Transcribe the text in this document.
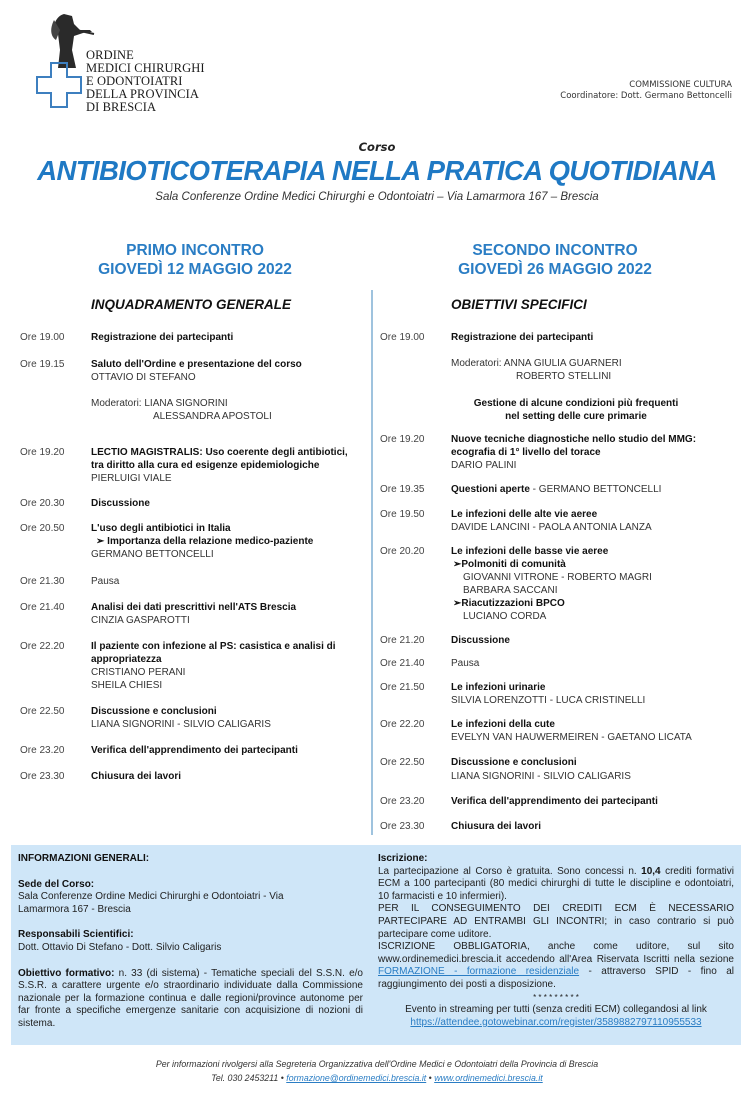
ORDINE
MEDICI CHIRURGHI
E ODONTOIATRI
DELLA PROVINCIA
DI BRESCIA
COMMISSIONE CULTURA
Coordinatore: Dott. Germano Bettoncelli
Corso
ANTIBIOTICOTERAPIA NELLA PRATICA QUOTIDIANA
Sala Conferenze Ordine Medici Chirurghi e Odontoiatri – Via Lamarmora 167 – Brescia
PRIMO INCONTRO
GIOVEDÌ 12 MAGGIO 2022
SECONDO INCONTRO
GIOVEDÌ 26 MAGGIO 2022
INQUADRAMENTO GENERALE	OBIETTIVI SPECIFICI
Ore 19.00	Registrazione dei partecipanti
Ore 19.15	Saluto dell'Ordine e presentazione del corso
OTTAVIO DI STEFANO
Moderatori: LIANA SIGNORINI
ALESSANDRA APOSTOLI
Ore 19.20	LECTIO MAGISTRALIS: Uso coerente degli antibiotici,
tra diritto alla cura ed esigenze epidemiologiche
PIERLUIGI VIALE
Ore 20.30	Discussione
Ore 20.50	L'uso degli antibiotici in Italia
➢ Importanza della relazione medico-paziente
GERMANO BETTONCELLI
Ore 21.30	Pausa
Ore 21.40	Analisi dei dati prescrittivi nell'ATS Brescia
CINZIA GASPAROTTI
Ore 22.20	Il paziente con infezione al PS: casistica e analisi di
appropriatezza
CRISTIANO PERANI
SHEILA CHIESI
Ore 22.50	Discussione e conclusioni
LIANA SIGNORINI - SILVIO CALIGARIS
Ore 23.20	Verifica dell'apprendimento dei partecipanti
Ore 23.30	Chiusura dei lavori
Ore 19.00	Registrazione dei partecipanti
Moderatori: ANNA GIULIA GUARNERI
ROBERTO STELLINI
Gestione di alcune condizioni più frequenti
nel setting delle cure primarie
Ore 19.20	Nuove tecniche diagnostiche nello studio del MMG:
ecografia di 1° livello del torace
DARIO PALINI
Ore 19.35	Questioni aperte - GERMANO BETTONCELLI
Ore 19.50	Le infezioni delle alte vie aeree
DAVIDE LANCINI - PAOLA ANTONIA LANZA
Ore 20.20	Le infezioni delle basse vie aeree
➢Polmoniti di comunità
GIOVANNI VITRONE - ROBERTO MAGRI
BARBARA SACCANI
➢Riacutizzazioni BPCO
LUCIANO CORDA
Ore 21.20	Discussione
Ore 21.40	Pausa
Ore 21.50	Le infezioni urinarie
SILVIA LORENZOTTI - LUCA CRISTINELLI
Ore 22.20	Le infezioni della cute
EVELYN VAN HAUWERMEIREN - GAETANO LICATA
Ore 22.50	Discussione e conclusioni
LIANA SIGNORINI - SILVIO CALIGARIS
Ore 23.20	Verifica dell'apprendimento dei partecipanti
Ore 23.30	Chiusura dei lavori
INFORMAZIONI GENERALI:
Sede del Corso:
Sala Conferenze Ordine Medici Chirurghi e Odontoiatri - Via
Lamarmora 167 - Brescia
Responsabili Scientifici:
Dott. Ottavio Di Stefano - Dott. Silvio Caligaris
Obiettivo formativo: n. 33 (di sistema) - Tematiche speciali del S.S.N. e/o S.S.R. a carattere urgente e/o straordinario individuate dalla Commissione nazionale per la formazione continua e dalle regioni/province autonome per far fronte a specifiche emergenze sanitarie con acquisizione di nozioni di sistema.
Iscrizione:
La partecipazione al Corso è gratuita. Sono concessi n. 10,4 crediti formativi ECM a 100 partecipanti (80 medici chirurghi di tutte le discipline e odontoiatri, 10 farmacisti e 10 infermieri).
PER IL CONSEGUIMENTO DEI CREDITI ECM È NECESSARIO PARTECIPARE AD ENTRAMBI GLI INCONTRI; in caso contrario si può partecipare come uditore.
ISCRIZIONE OBBLIGATORIA, anche come uditore, sul sito www.ordinemedici.brescia.it accedendo all'Area Riservata Iscritti nella sezione FORMAZIONE - formazione residenziale - attraverso SPID - fino al raggiungimento dei posti a disposizione.
* * * * * * * * *
Evento in streaming per tutti (senza crediti ECM) collegandosi al link
https://attendee.gotowebinar.com/register/3589882797110955533
Per informazioni rivolgersi alla Segreteria Organizzativa dell'Ordine Medici e Odontoiatri della Provincia di Brescia
Tel. 030 2453211 • formazione@ordinemedici.brescia.it • www.ordinemedici.brescia.it
